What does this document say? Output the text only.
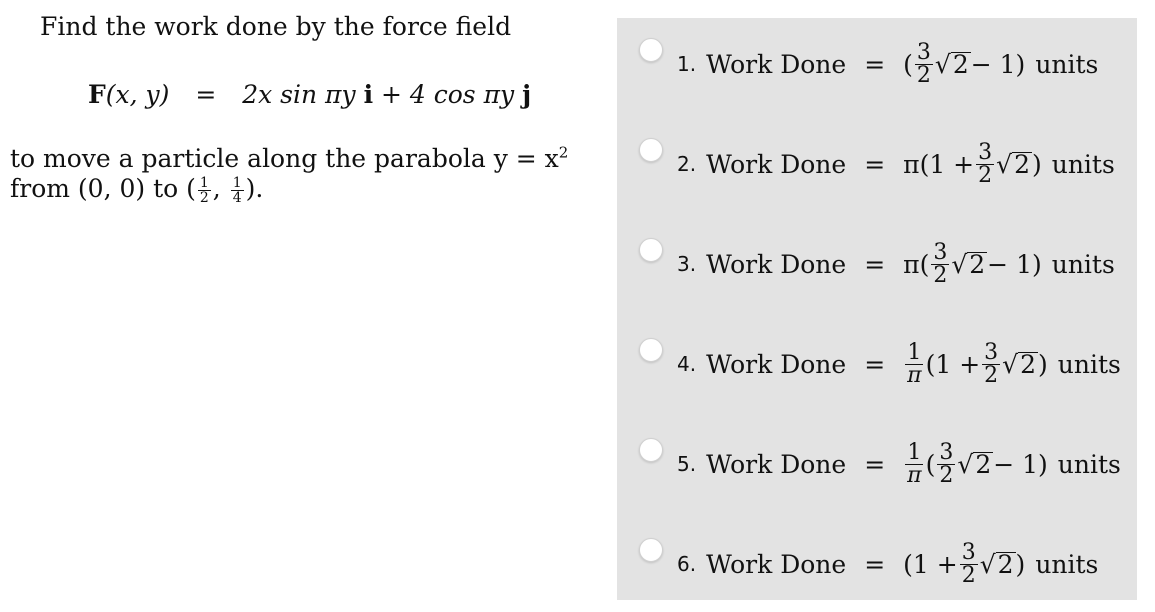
Find the work done by the force field
F(x, y) = 2x sin πy i + 4 cos πy j
to move a particle along the parabola $y = x^2$
from (0, 0) to ( $\frac{1}{2}$ , $\frac{1}{4}$ ).
1. Work Done = ( $\frac{3}{2}$ √ 2 − 1) units
2. Work Done = $\pi(1 + \frac{3}{2}$ √ 2 ) units
3. Work Done = $\pi( \frac{3}{2}$ √ 2 − 1) units
4. Work Done = $\frac{1}{\pi} (1 + \frac{3}{2}$ √ 2 ) units
5. Work Done = $\frac{1}{\pi}$ ( $\frac{3}{2}$ √ 2 − 1) units
6. Work Done = ($1 + \frac{3}{2}$ √ 2 ) units
